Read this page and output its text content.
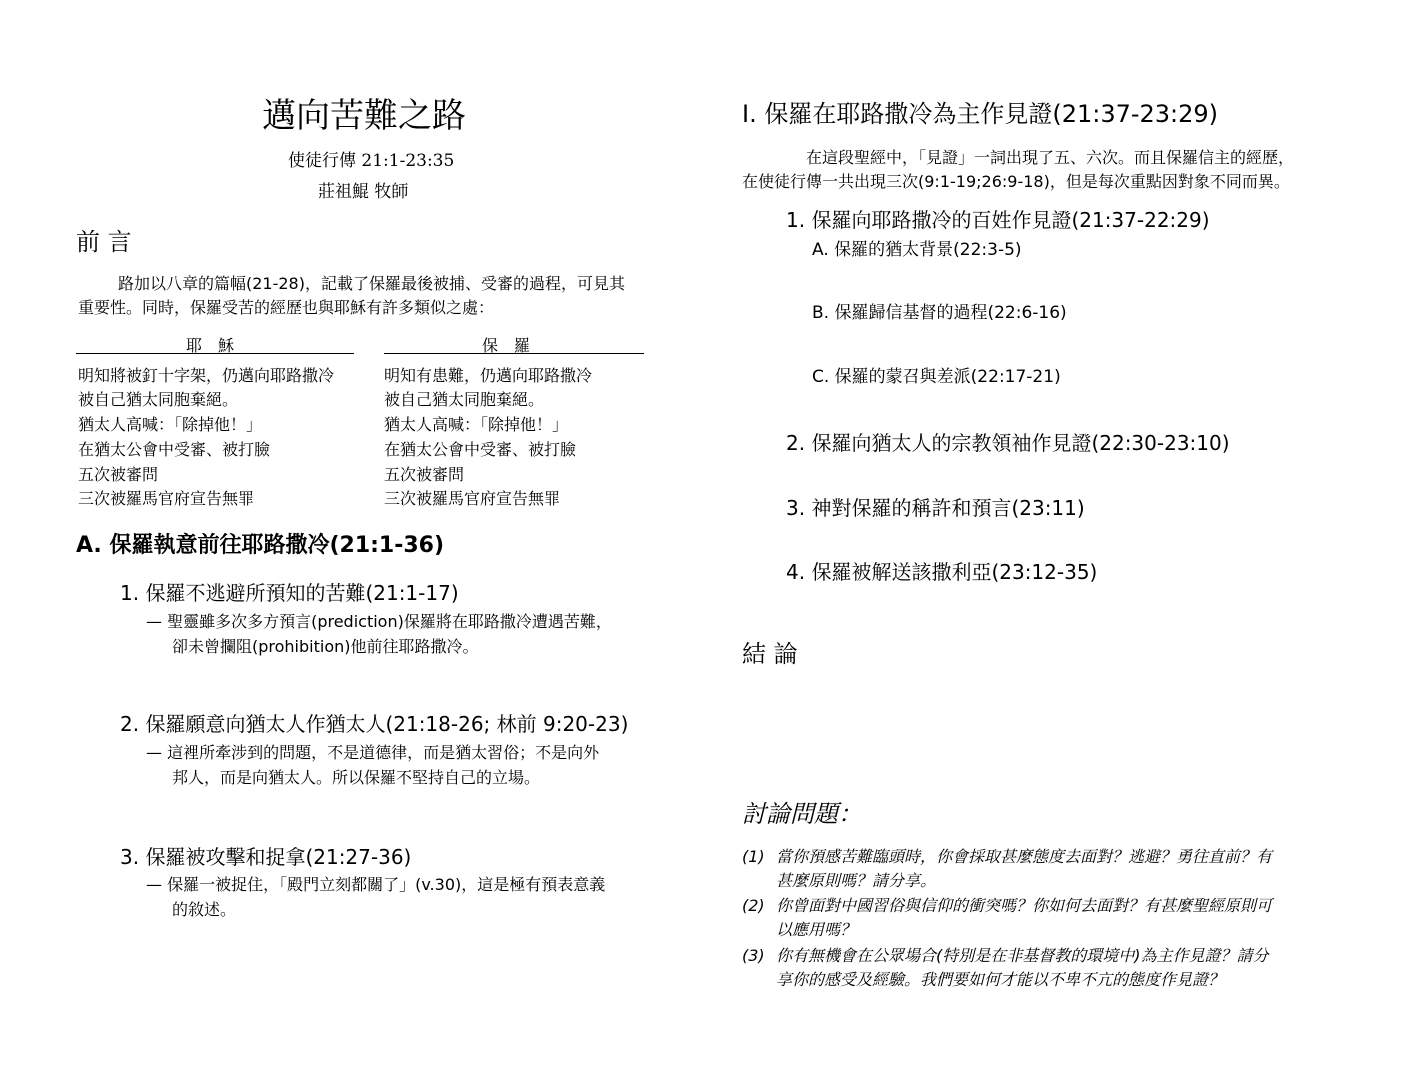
邁向苦難之路
使徒行傳 21:1-23:35
莊祖鯤 牧師
前 言
路加以八章的篇幅(21-28)，記載了保羅最後被捕、受審的過程，可見其
重要性。同時，保羅受苦的經歷也與耶穌有許多類似之處：
耶　穌	保　羅
明知將被釘十字架，仍邁向耶路撒冷
被自己猶太同胞棄絕。
猶太人高喊：「除掉他！」
在猶太公會中受審、被打臉
五次被審問
三次被羅馬官府宣告無罪
明知有患難，仍邁向耶路撒冷
被自己猶太同胞棄絕。
猶太人高喊：「除掉他！」
在猶太公會中受審、被打臉
五次被審問
三次被羅馬官府宣告無罪
A. 保羅執意前往耶路撒冷(21:1-36)
1. 保羅不逃避所預知的苦難(21:1-17)
— 聖靈雖多次多方預言(prediction)保羅將在耶路撒冷遭遇苦難，
卻未曾攔阻(prohibition)他前往耶路撒冷。
2. 保羅願意向猶太人作猶太人(21:18-26; 林前 9:20-23)
— 這裡所牽涉到的問題，不是道德律，而是猶太習俗；不是向外
邦人，而是向猶太人。所以保羅不堅持自己的立場。
3. 保羅被攻擊和捉拿(21:27-36)
— 保羅一被捉住，「殿門立刻都關了」(v.30)，這是極有預表意義
的敘述。
I. 保羅在耶路撒冷為主作見證(21:37-23:29)
在這段聖經中，「見證」一詞出現了五、六次。而且保羅信主的經歷，
在使徒行傳一共出現三次(9:1-19;26:9-18)，但是每次重點因對象不同而異。
1. 保羅向耶路撒冷的百姓作見證(21:37-22:29)
A. 保羅的猶太背景(22:3-5)
B. 保羅歸信基督的過程(22:6-16)
C. 保羅的蒙召與差派(22:17-21)
2. 保羅向猶太人的宗教領袖作見證(22:30-23:10)
3. 神對保羅的稱許和預言(23:11)
4. 保羅被解送該撒利亞(23:12-35)
結 論
討論問題：
(1) 當你預感苦難臨頭時，你會採取甚麼態度去面對？逃避？勇往直前？有
甚麼原則嗎？請分享。
(2) 你曾面對中國習俗與信仰的衝突嗎？你如何去面對？有甚麼聖經原則可
以應用嗎？
(3) 你有無機會在公眾場合(特別是在非基督教的環境中)為主作見證？請分
享你的感受及經驗。我們要如何才能以不卑不亢的態度作見證？
